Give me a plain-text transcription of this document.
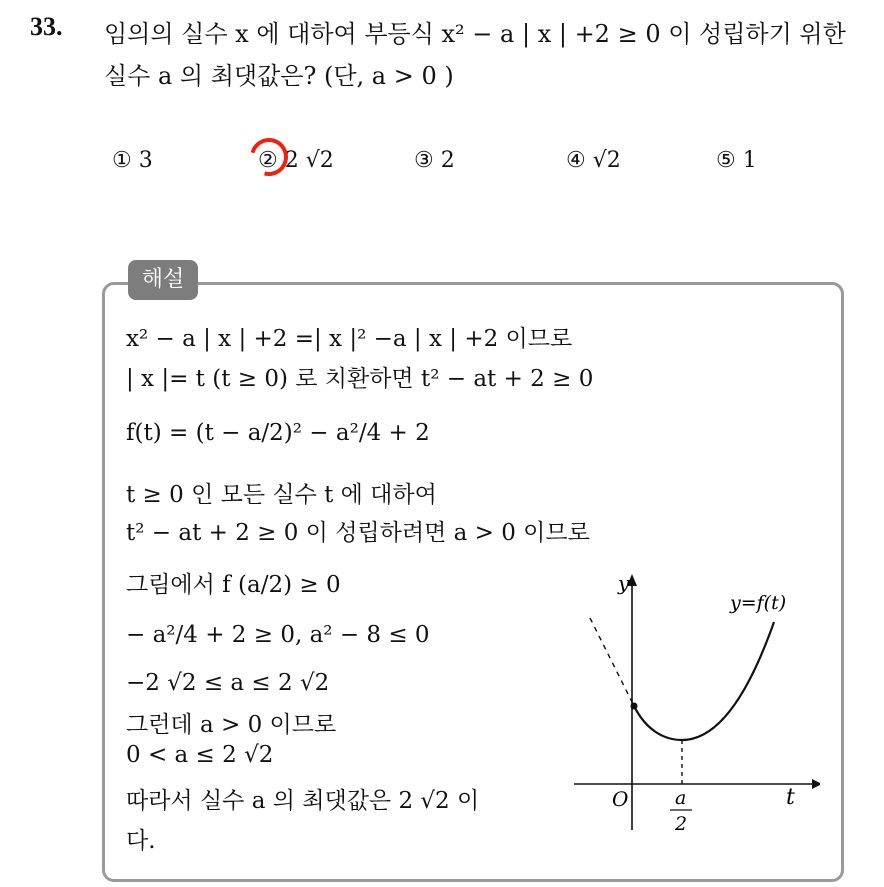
33. 임의의 실수 x 에 대하여 부등식 x² − a | x | +2 ≥ 0 이 성립하기 위한
실수 a 의 최댓값은? (단, a > 0 )
① 3	② 2 √2	③ 2	④ √2	⑤ 1
해설
x² − a | x | +2 =| x |² −a | x | +2 이므로
| x |= t (t ≥ 0) 로 치환하면 t² − at + 2 ≥ 0
f(t) = (t − a/2)² − a²/4 + 2
t ≥ 0 인 모든 실수 t 에 대하여
t² − at + 2 ≥ 0 이 성립하려면 a > 0 이므로
그림에서 f (a/2) ≥ 0
− a²/4 + 2 ≥ 0, a² − 8 ≤ 0
−2 √2 ≤ a ≤ 2 √2
그런데 a > 0 이므로
0 < a ≤ 2 √2
따라서 실수 a 의 최댓값은 2 √2 이
다.
y
t
O
y=f(t)
a
2
